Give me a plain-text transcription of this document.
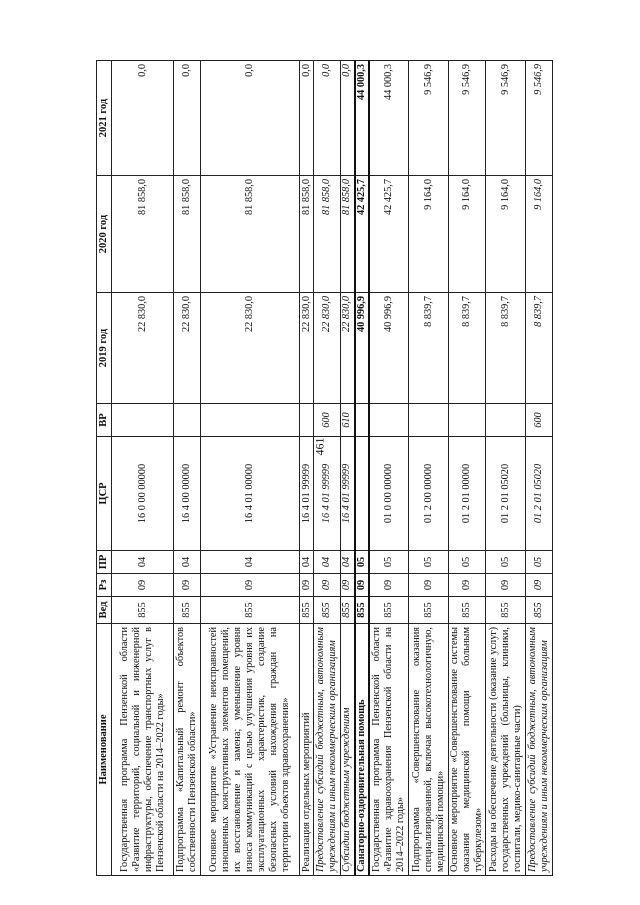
461
Наименование	Вед	Рз	ПР	ЦСР	ВР	2019 год	2020 год	2021 год
Государственная программа Пензенской области «Развитие территорий, социальной и инженерной инфраструктуры, обеспечение транспортных услуг в Пензенской области на 2014–2022 годы»	855	09	04	16 0 00 00000		22 830,0	81 858,0	0,0
Подпрограмма «Капитальный ремонт объектов собственности Пензенской области»	855	09	04	16 4 00 00000		22 830,0	81 858,0	0,0
Основное мероприятие «Устранение неисправностей изношенных конструктивных элементов помещений, их восстановление и замена; уменьшение уровня износа коммуникаций с целью улучшения уровня их эксплуатационных характеристик, создание безопасных условий нахождения граждан на территории объектов здравоохранения»	855	09	04	16 4 01 00000		22 830,0	81 858,0	0,0
Реализация отдельных мероприятий	855	09	04	16 4 01 99999		22 830,0	81 858,0	0,0
Предоставление субсидий бюджетным, автономным учреждениям и иным некоммерческим организациям	855	09	04	16 4 01 99999	600	22 830,0	81 858,0	0,0
Субсидии бюджетным учреждениям	855	09	04	16 4 01 99999	610	22 830,0	81 858,0	0,0
Санаторно-оздоровительная помощь	855	09	05			40 996,9	42 425,7	44 000,3
Государственная программа Пензенской области «Развитие здравоохранения Пензенской области на 2014–2022 годы»	855	09	05	01 0 00 00000		40 996,9	42 425,7	44 000,3
Подпрограмма «Совершенствование оказания специализированной, включая высокотехнологичную, медицинской помощи»	855	09	05	01 2 00 00000		8 839,7	9 164,0	9 546,9
Основное мероприятие «Совершенствование системы оказания медицинской помощи больным туберкулезом»	855	09	05	01 2 01 00000		8 839,7	9 164,0	9 546,9
Расходы на обеспечение деятельности (оказание услуг) государственных учреждений (больницы, клиники, госпитали, медико-санитарные части)	855	09	05	01 2 01 05020		8 839,7	9 164,0	9 546,9
Предоставление субсидий бюджетным, автономным учреждениям и иным некоммерческим организациям	855	09	05	01 2 01 05020	600	8 839,7	9 164,0	9 546,9
